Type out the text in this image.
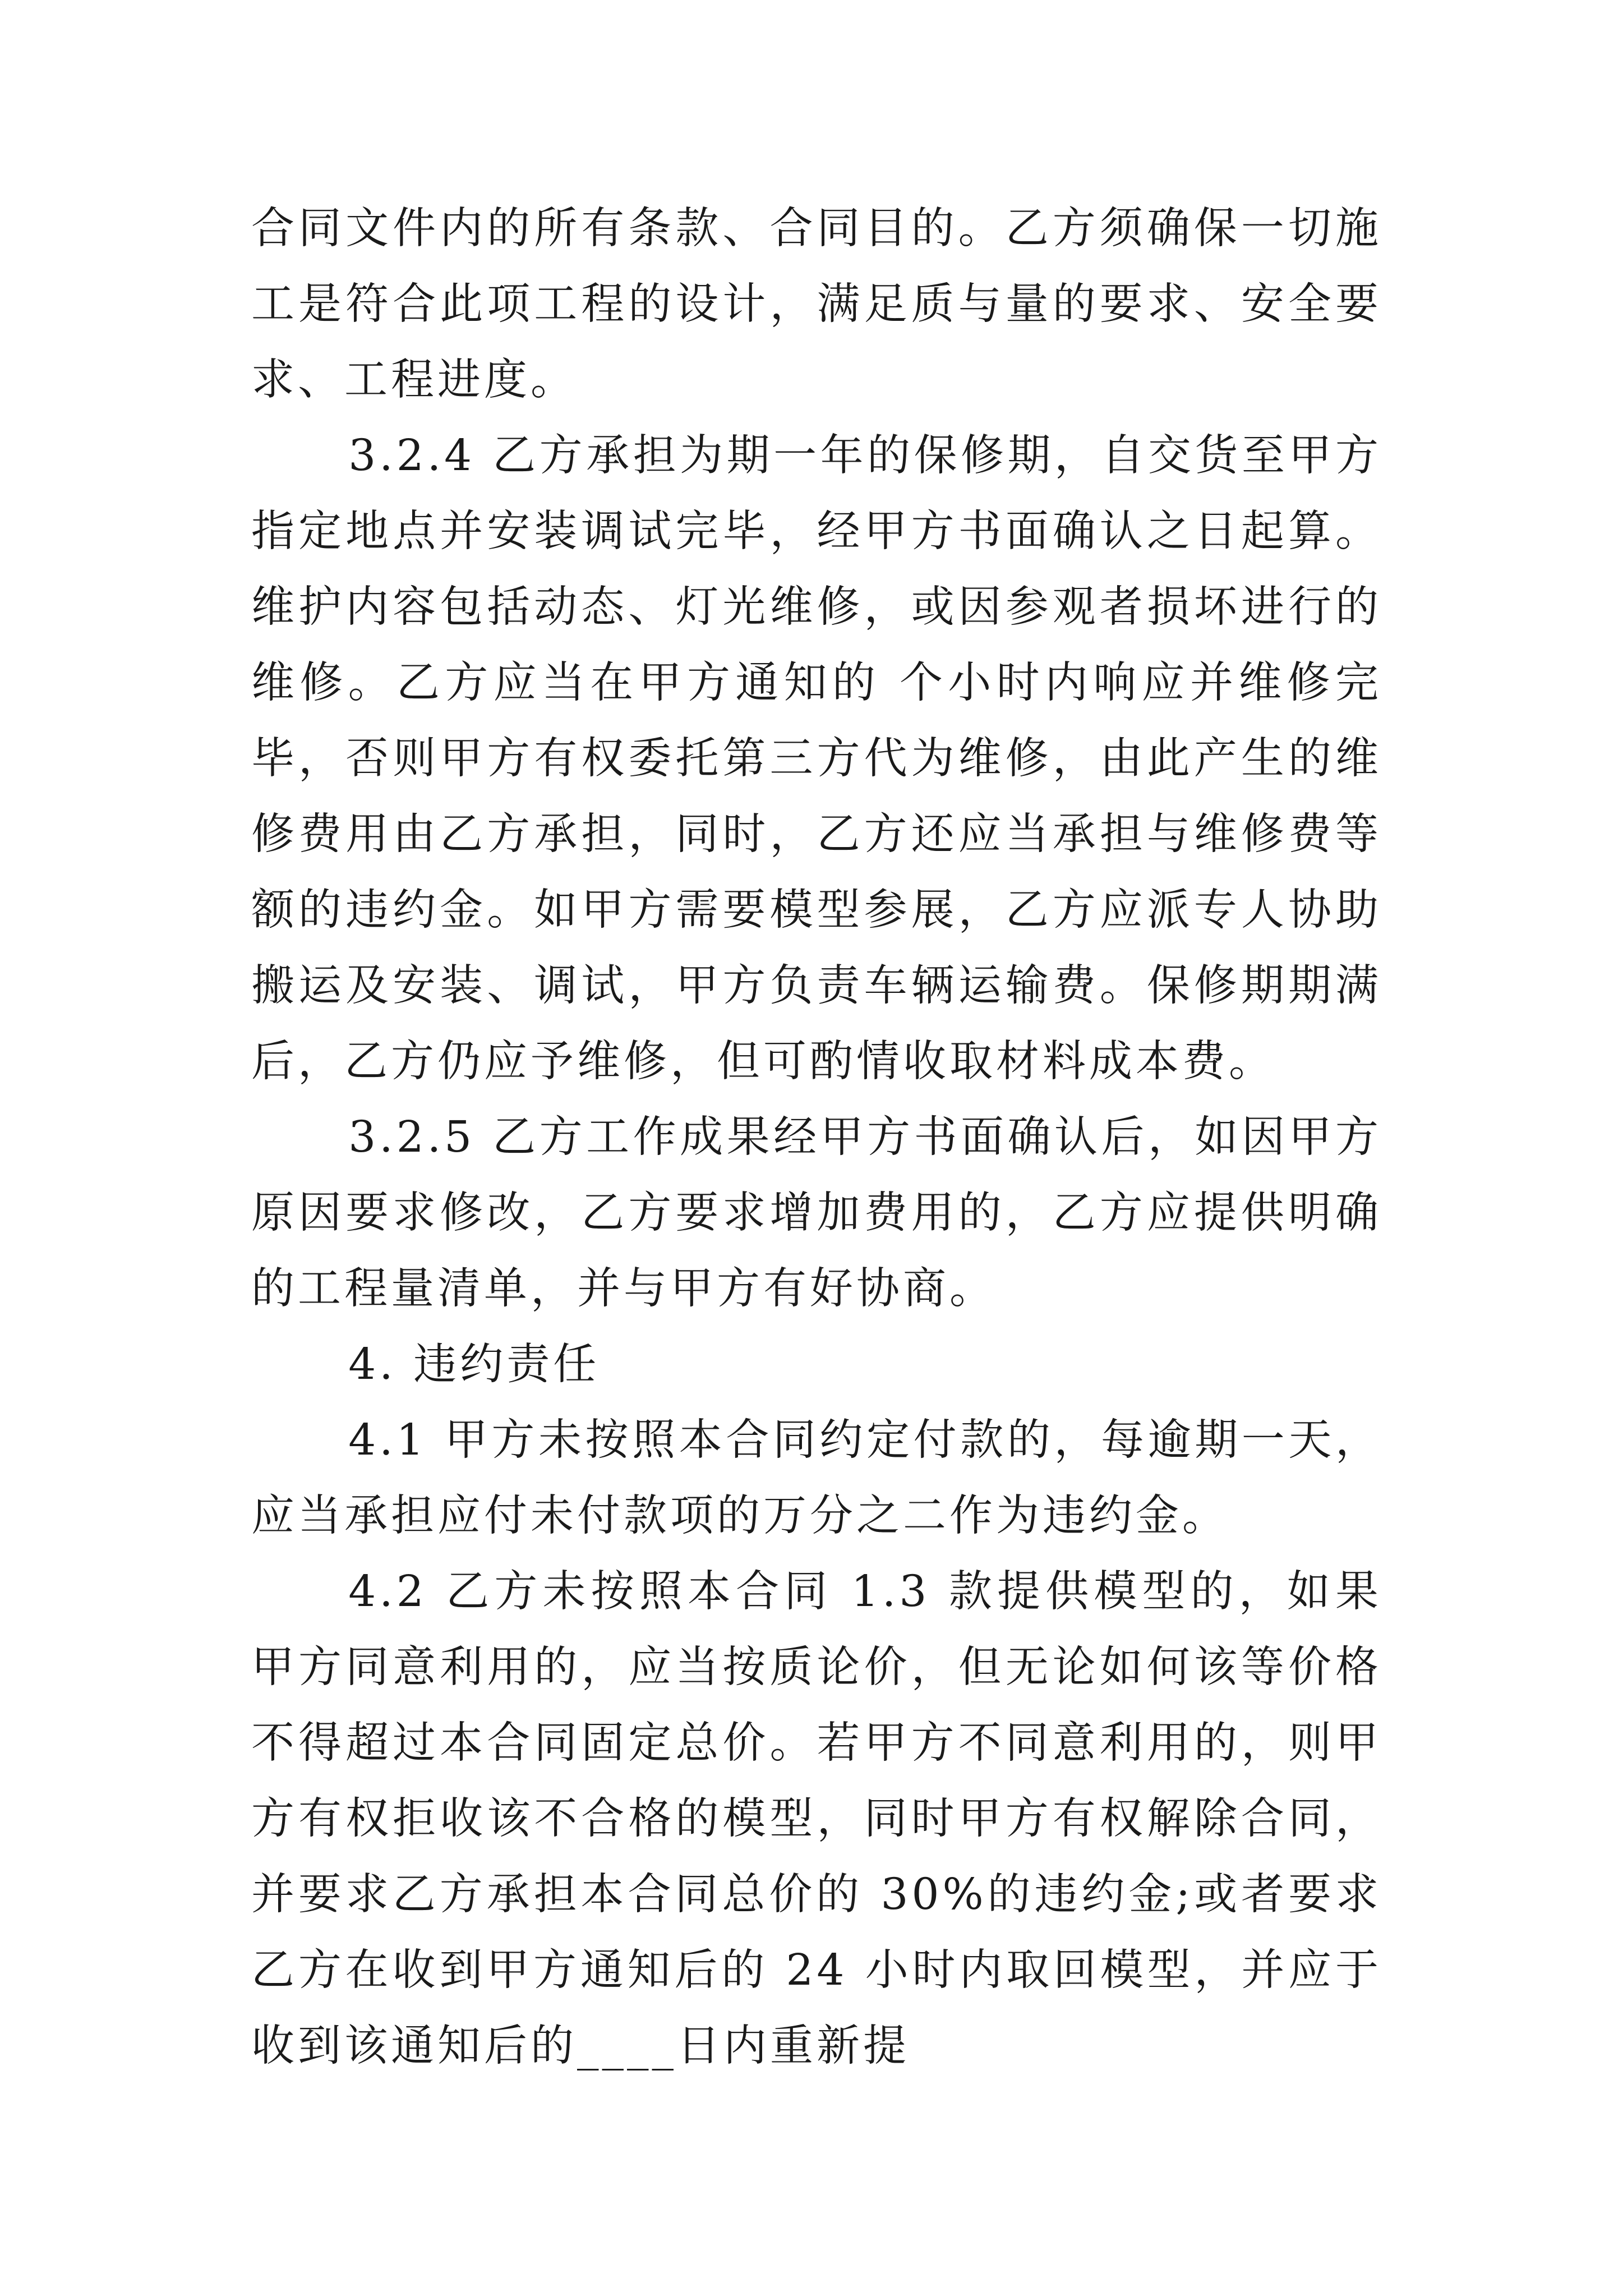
合同文件内的所有条款、合同目的。乙方须确保一切施工是符合此项工程的设计，满足质与量的要求、安全要求、工程进度。

3.2.4 乙方承担为期一年的保修期，自交货至甲方指定地点并安装调试完毕，经甲方书面确认之日起算。维护内容包括动态、灯光维修，或因参观者损坏进行的维修。乙方应当在甲方通知的 个小时内响应并维修完毕，否则甲方有权委托第三方代为维修，由此产生的维修费用由乙方承担，同时，乙方还应当承担与维修费等额的违约金。如甲方需要模型参展，乙方应派专人协助搬运及安装、调试，甲方负责车辆运输费。保修期期满后，乙方仍应予维修，但可酌情收取材料成本费。

3.2.5 乙方工作成果经甲方书面确认后，如因甲方原因要求修改，乙方要求增加费用的，乙方应提供明确的工程量清单，并与甲方有好协商。

4. 违约责任

4.1 甲方未按照本合同约定付款的，每逾期一天，应当承担应付未付款项的万分之二作为违约金。

4.2 乙方未按照本合同 1.3 款提供模型的，如果甲方同意利用的，应当按质论价，但无论如何该等价格不得超过本合同固定总价。若甲方不同意利用的，则甲方有权拒收该不合格的模型，同时甲方有权解除合同，并要求乙方承担本合同总价的 30%的违约金;或者要求乙方在收到甲方通知后的 24 小时内取回模型，并应于收到该通知后的____日内重新提
